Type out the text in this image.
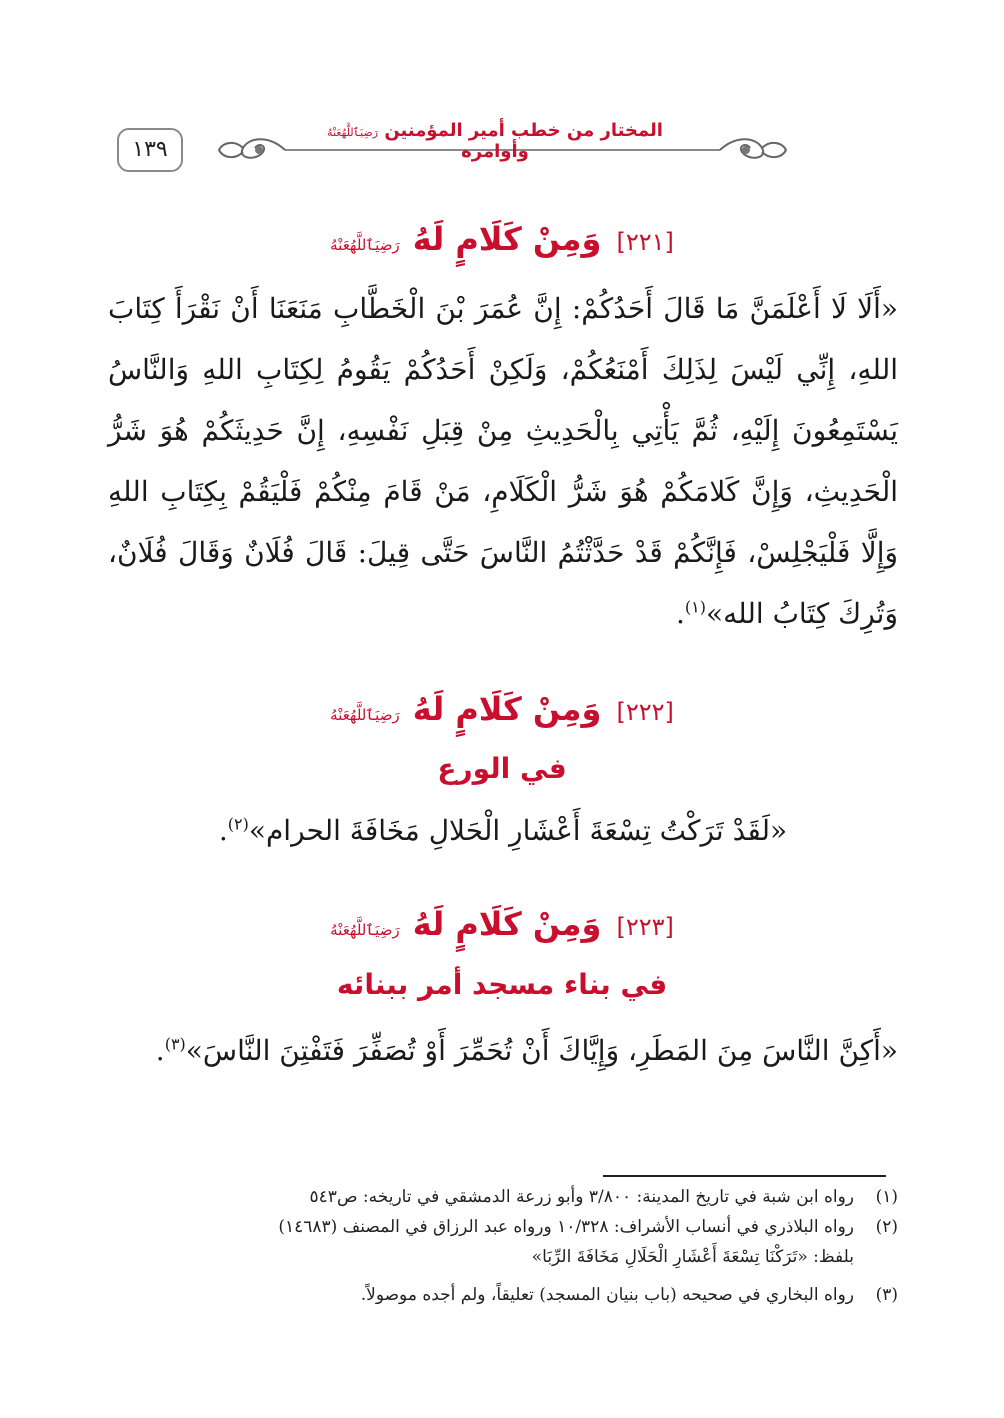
المختار من خطب أمير المؤمنين رَضِيَٱللَّهُعَنْهُ وأوامره
١٣٩
[٢٢١] وَمِنْ كَلَامٍ لَهُ رَضِيَٱللَّهُعَنْهُ
«أَلَا لَا أَعْلَمَنَّ مَا قَالَ أَحَدُكُمْ: إِنَّ عُمَرَ بْنَ الْخَطَّابِ مَنَعَنَا أَنْ نَقْرَأَ كِتَابَ اللهِ، إِنِّي لَيْسَ لِذَلِكَ أَمْنَعُكُمْ، وَلَكِنْ أَحَدُكُمْ يَقُومُ لِكِتَابِ اللهِ وَالنَّاسُ يَسْتَمِعُونَ إِلَيْهِ، ثُمَّ يَأْتِي بِالْحَدِيثِ مِنْ قِبَلِ نَفْسِهِ، إِنَّ حَدِيثَكُمْ هُوَ شَرُّ الْحَدِيثِ، وَإِنَّ كَلامَكُمْ هُوَ شَرُّ الْكَلَامِ، مَنْ قَامَ مِنْكُمْ فَلْيَقُمْ بِكِتَابِ اللهِ وَإِلَّا فَلْيَجْلِسْ، فَإِنَّكُمْ قَدْ حَدَّثْتُمُ النَّاسَ حَتَّى قِيلَ: قَالَ فُلَانٌ وَقَالَ فُلَانٌ، وَتُرِكَ كِتَابُ الله»$^{(١)}$.
[٢٢٢] وَمِنْ كَلَامٍ لَهُ رَضِيَٱللَّهُعَنْهُ
في الورع
«لَقَدْ تَرَكْتُ تِسْعَةَ أَعْشَارِ الْحَلالِ مَخَافَةَ الحرام»$^{(٢)}$.
[٢٢٣] وَمِنْ كَلَامٍ لَهُ رَضِيَٱللَّهُعَنْهُ
في بناء مسجد أمر ببنائه
«أَكِنَّ النَّاسَ مِنَ المَطَرِ، وَإِيَّاكَ أَنْ تُحَمِّرَ أَوْ تُصَفِّرَ فَتَفْتِنَ النَّاسَ»$^{(٣)}$.
(١)رواه ابن شبة في تاريخ المدينة: ٣/٨٠٠ وأبو زرعة الدمشقي في تاريخه: ص٥٤٣
(٢)رواه البلاذري في أنساب الأشراف: ١٠/٣٢٨ ورواه عبد الرزاق في المصنف (١٤٦٨٣)
بلفظ: «تَرَكْنَا تِسْعَةَ أَعْشَارِ الْحَلَالِ مَخَافَةَ الرِّبَا»
(٣)رواه البخاري في صحيحه (باب بنيان المسجد) تعليقاً، ولم أجده موصولاً.
